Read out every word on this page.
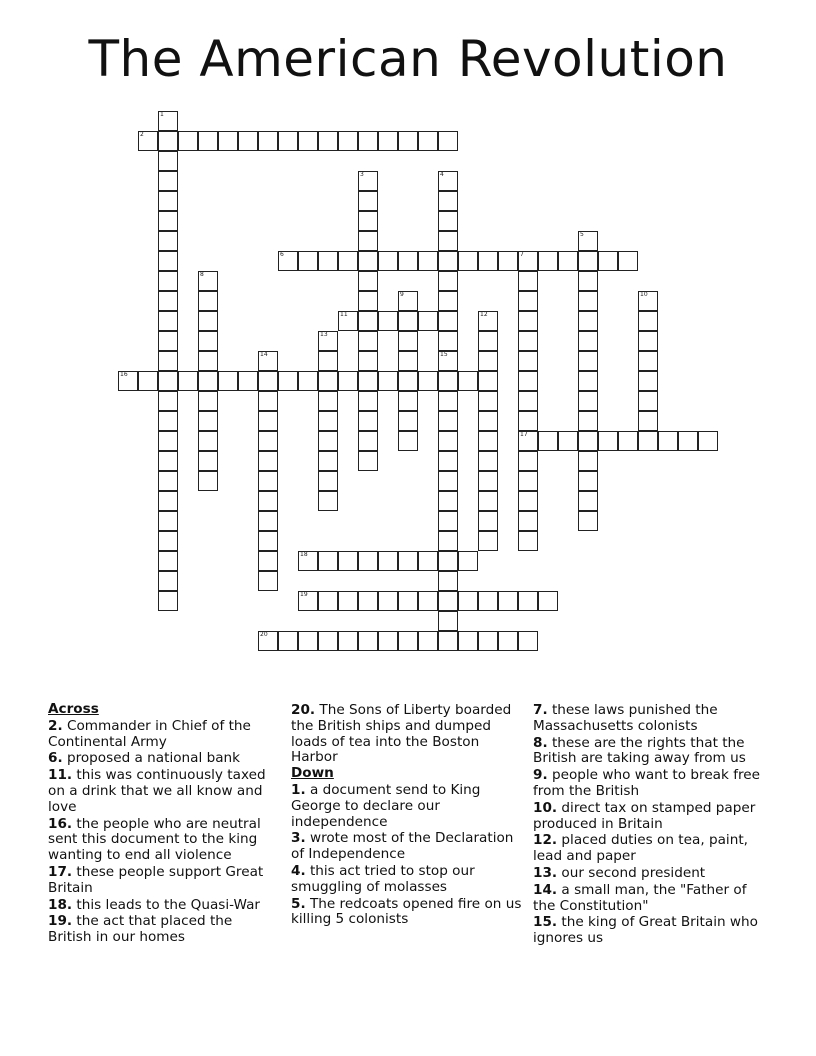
The American Revolution
1
2
3	4
5
6	7
17
8
9	10
11	12
13
14	15
16
18
19
20

Across

2. Commander in Chief of the Continental Army

6. proposed a national bank

11. this was continuously taxed on a drink that we all know and love

16. the people who are neutral sent this document to the king wanting to end all violence

17. these people support Great Britain

18. this leads to the Quasi-War

19. the act that placed the British in our homes

20. The Sons of Liberty boarded the British ships and dumped loads of tea into the Boston Harbor

Down

1. a document send to King George to declare our independence

3. wrote most of the Declaration of Independence

4. this act tried to stop our smuggling of molasses

5. The redcoats opened fire on us killing 5 colonists

7. these laws punished the Massachusetts colonists

8. these are the rights that the British are taking away from us

9. people who want to break free from the British

10. direct tax on stamped paper produced in Britain

12. placed duties on tea, paint, lead and paper

13. our second president

14. a small man, the "Father of the Constitution"

15. the king of Great Britain who ignores us
